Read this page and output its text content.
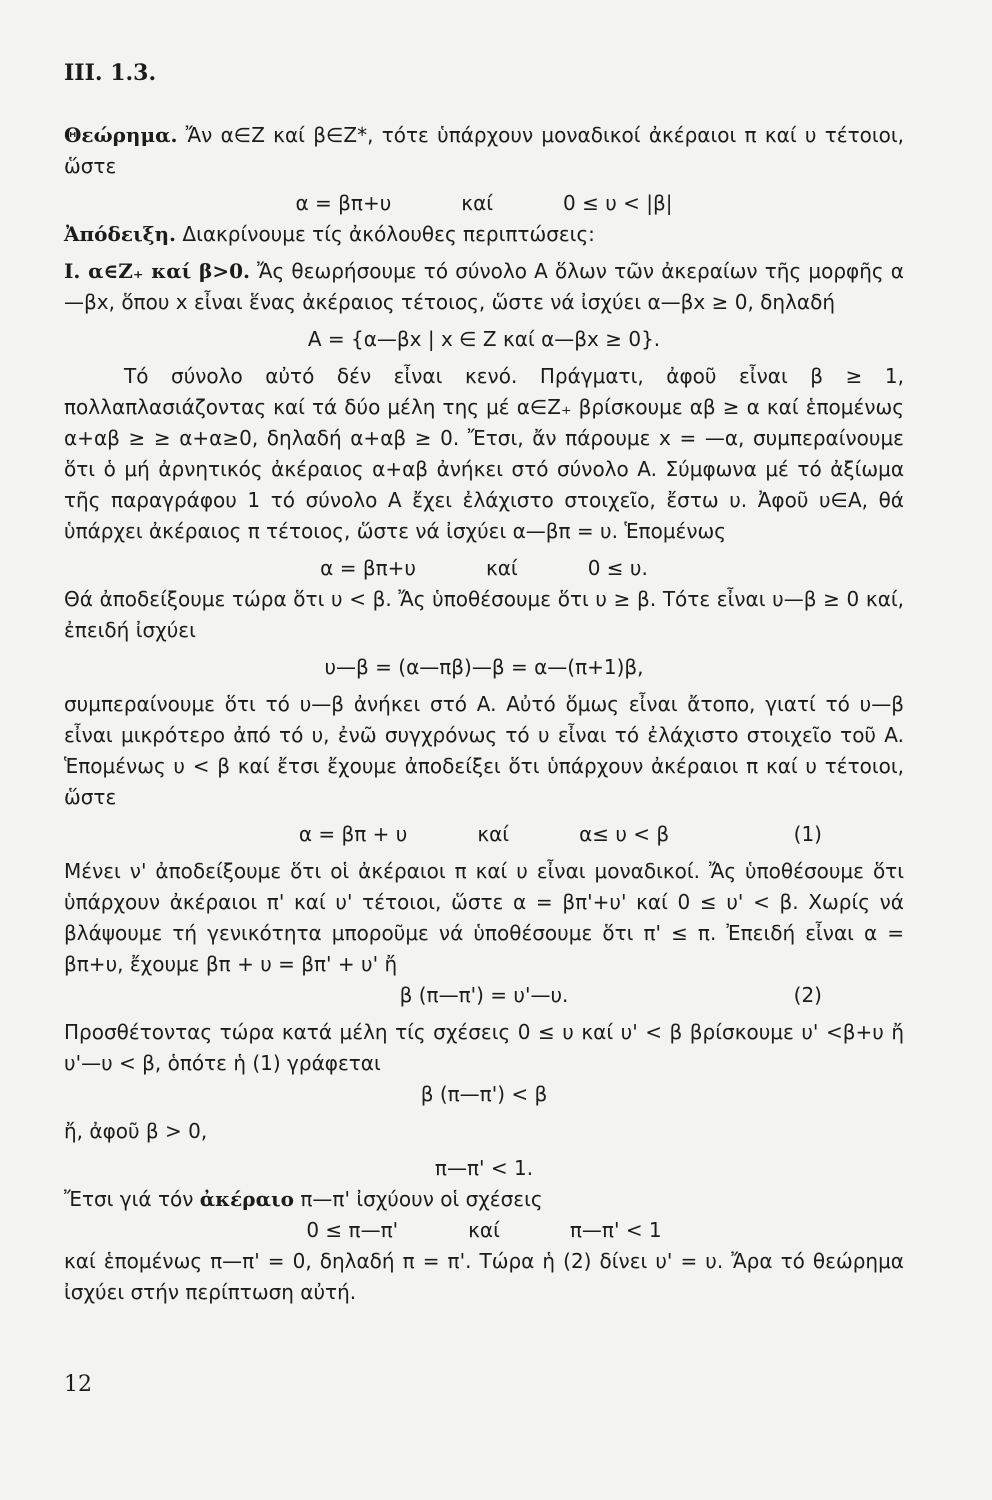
III. 1.3.

Θεώρημα. Ἄν α∈Z καί β∈Z*, τότε ὑπάρχουν μοναδικοί ἀκέραιοι π καί υ τέτοιοι, ὥστε

α = βπ+υ	καί	0 ≤ υ < |β|

Ἀπόδειξη. Διακρίνουμε τίς ἀκόλουθες περιπτώσεις:

I. α∈Z₊ καί β>0. Ἄς θεωρήσουμε τό σύνολο A ὅλων τῶν ἀκεραίων τῆς μορφῆς α—βx, ὅπου x εἶναι ἕνας ἀκέραιος τέτοιος, ὥστε νά ἰσχύει α—βx ≥ 0, δηλαδή

A = {α—βx | x ∈ Z καί α—βx ≥ 0}.

Τό σύνολο αὐτό δέν εἶναι κενό. Πράγματι, ἀφοῦ εἶναι β ≥ 1, πολλαπλασιάζοντας καί τά δύο μέλη της μέ α∈Z₊ βρίσκουμε αβ ≥ α καί ἑπομένως α+αβ ≥ ≥ α+α≥0, δηλαδή α+αβ ≥ 0. Ἔτσι, ἄν πάρουμε x = —α, συμπεραίνουμε ὅτι ὁ μή ἀρνητικός ἀκέραιος α+αβ ἀνήκει στό σύνολο A. Σύμφωνα μέ τό ἀξίωμα τῆς παραγράφου 1 τό σύνολο A ἔχει ἐλάχιστο στοιχεῖο, ἔστω υ. Ἀφοῦ υ∈A, θά ὑπάρχει ἀκέραιος π τέτοιος, ὥστε νά ἰσχύει α—βπ = υ. Ἑπομένως

α = βπ+υ	καί	0 ≤ υ.

Θά ἀποδείξουμε τώρα ὅτι υ < β. Ἄς ὑποθέσουμε ὅτι υ ≥ β. Τότε εἶναι υ—β ≥ 0 καί, ἐπειδή ἰσχύει

υ—β = (α—πβ)—β = α—(π+1)β,

συμπεραίνουμε ὅτι τό υ—β ἀνήκει στό A. Αὐτό ὅμως εἶναι ἄτοπο, γιατί τό υ—β εἶναι μικρότερο ἀπό τό υ, ἐνῶ συγχρόνως τό υ εἶναι τό ἐλάχιστο στοιχεῖο τοῦ A. Ἑπομένως υ < β καί ἔτσι ἔχουμε ἀποδείξει ὅτι ὑπάρχουν ἀκέραιοι π καί υ τέτοιοι, ὥστε

α = βπ + υ	καί	α≤ υ < β	(1)

Μένει ν' ἀποδείξουμε ὅτι οἱ ἀκέραιοι π καί υ εἶναι μοναδικοί. Ἄς ὑποθέσουμε ὅτι ὑπάρχουν ἀκέραιοι π' καί υ' τέτοιοι, ὥστε α = βπ'+υ' καί 0 ≤ υ' < β. Χωρίς νά βλάψουμε τή γενικότητα μποροῦμε νά ὑποθέσουμε ὅτι π' ≤ π. Ἐπειδή εἶναι α = βπ+υ, ἔχουμε βπ + υ = βπ' + υ' ἤ

β (π—π') = υ'—υ.	(2)

Προσθέτοντας τώρα κατά μέλη τίς σχέσεις 0 ≤ υ καί υ' < β βρίσκουμε υ' <β+υ ἤ υ'—υ < β, ὁπότε ἡ (1) γράφεται

β (π—π') < β

ἤ, ἀφοῦ β > 0,

π—π' < 1.

Ἔτσι γιά τόν ἀκέραιο π—π' ἰσχύουν οἱ σχέσεις

0 ≤ π—π'	καί	π—π' < 1

καί ἑπομένως π—π' = 0, δηλαδή π = π'. Τώρα ἡ (2) δίνει υ' = υ. Ἄρα τό θεώρημα ἰσχύει στήν περίπτωση αὐτή.

12
